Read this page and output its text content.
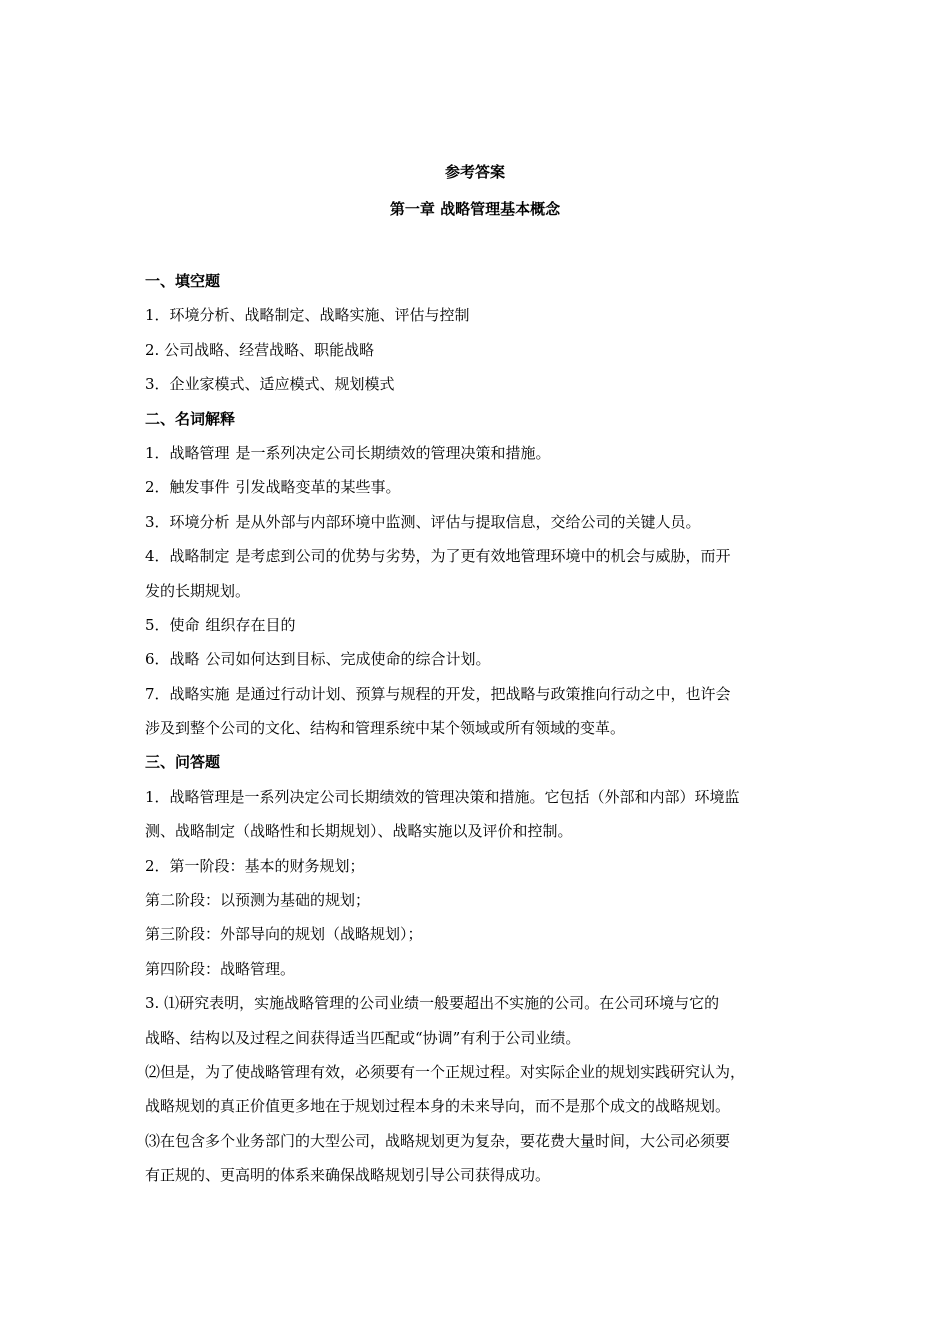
参考答案
第一章 战略管理基本概念
一、填空题
1．环境分析、战略制定、战略实施、评估与控制
2. 公司战略、经营战略、职能战略
3．企业家模式、适应模式、规划模式
二、名词解释
1．战略管理 是一系列决定公司长期绩效的管理决策和措施。
2．触发事件 引发战略变革的某些事。
3．环境分析 是从外部与内部环境中监测、评估与提取信息，交给公司的关键人员。
4．战略制定 是考虑到公司的优势与劣势，为了更有效地管理环境中的机会与威胁，而开
发的长期规划。
5．使命 组织存在目的
6．战略 公司如何达到目标、完成使命的综合计划。
7．战略实施 是通过行动计划、预算与规程的开发，把战略与政策推向行动之中，也许会
涉及到整个公司的文化、结构和管理系统中某个领域或所有领域的变革。
三、问答题
1．战略管理是一系列决定公司长期绩效的管理决策和措施。它包括（外部和内部）环境监
测、战略制定（战略性和长期规划）、战略实施以及评价和控制。
2．第一阶段：基本的财务规划；
第二阶段：以预测为基础的规划；
第三阶段：外部导向的规划（战略规划）；
第四阶段：战略管理。
3. ⑴研究表明，实施战略管理的公司业绩一般要超出不实施的公司。在公司环境与它的
战略、结构以及过程之间获得适当匹配或“协调”有利于公司业绩。
⑵但是，为了使战略管理有效，必须要有一个正规过程。对实际企业的规划实践研究认为，
战略规划的真正价值更多地在于规划过程本身的未来导向，而不是那个成文的战略规划。
⑶在包含多个业务部门的大型公司，战略规划更为复杂，要花费大量时间，大公司必须要
有正规的、更高明的体系来确保战略规划引导公司获得成功。
